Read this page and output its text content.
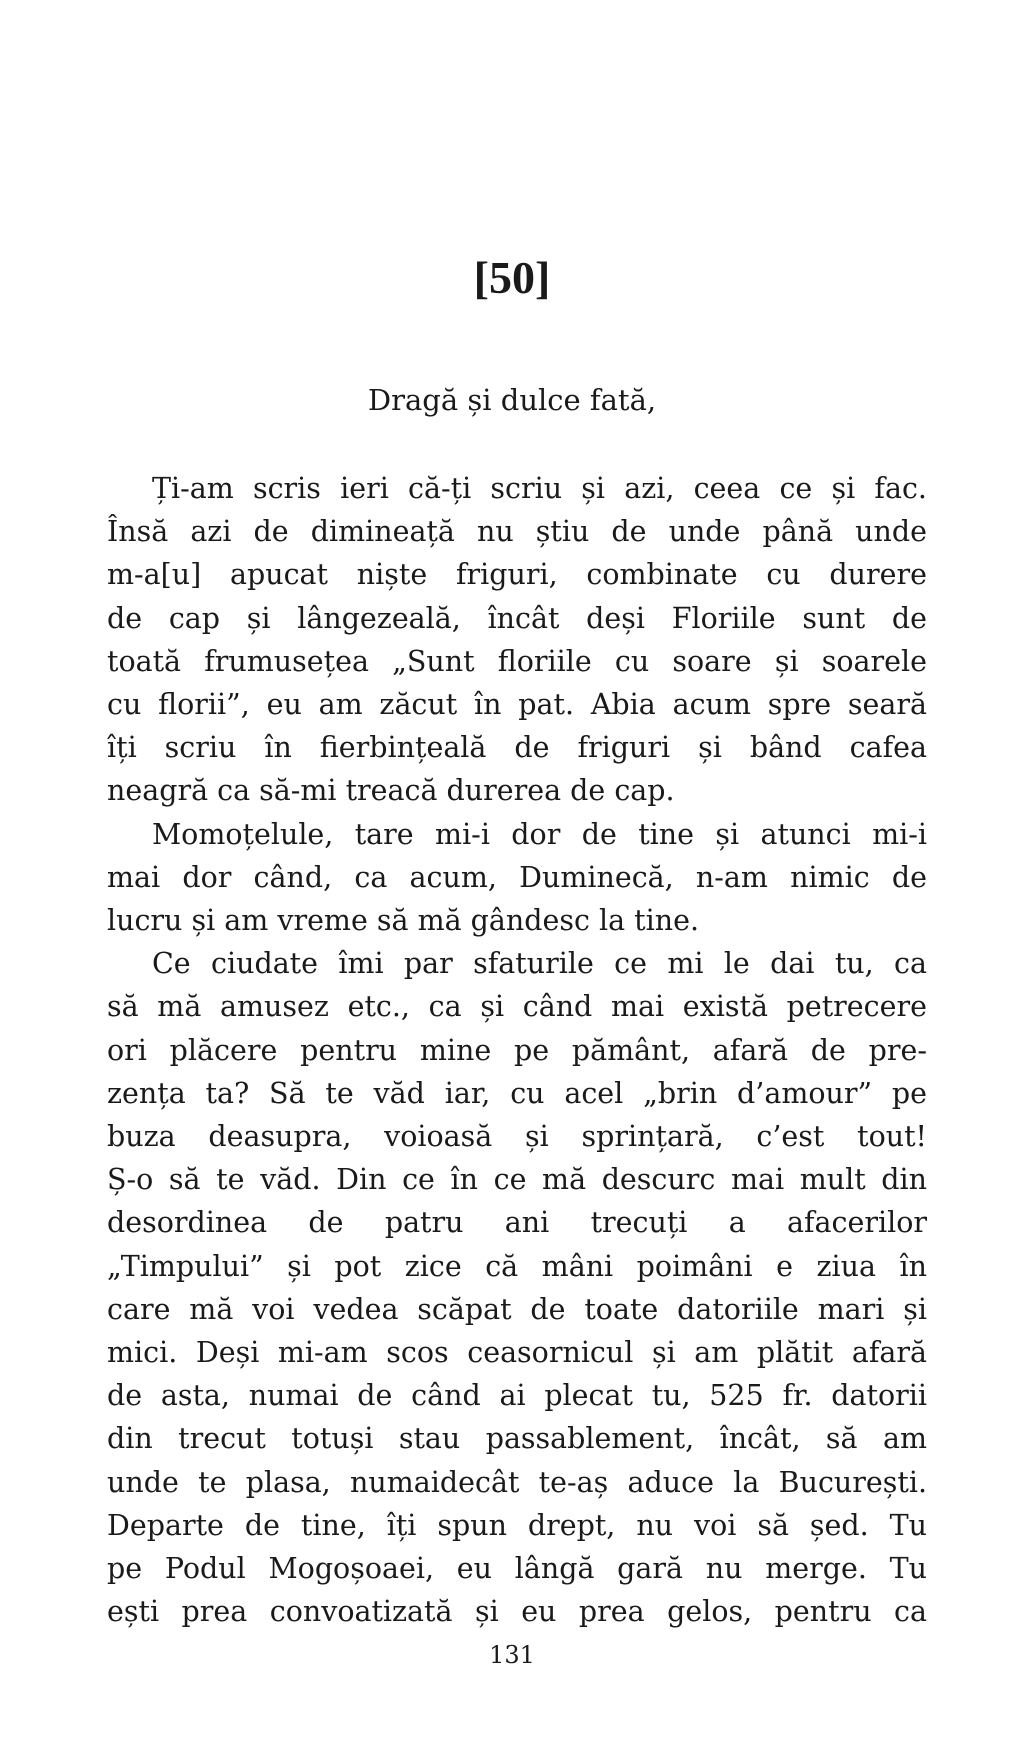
[50]

Dragă și dulce fată,

Ți-am scris ieri că-ți scriu și azi, ceea ce și fac.
Însă azi de dimineață nu știu de unde până unde
m-a[u] apucat niște friguri, combinate cu durere
de cap și lângezeală, încât deși Floriile sunt de
toată frumusețea „Sunt floriile cu soare și soarele
cu florii”, eu am zăcut în pat. Abia acum spre seară
îți scriu în fierbințeală de friguri și bând cafea
neagră ca să-mi treacă durerea de cap.
Momoțelule, tare mi-i dor de tine și atunci mi-i
mai dor când, ca acum, Duminecă, n-am nimic de
lucru și am vreme să mă gândesc la tine.
Ce ciudate îmi par sfaturile ce mi le dai tu, ca
să mă amusez etc., ca și când mai există petrecere
ori plăcere pentru mine pe pământ, afară de pre-
zența ta? Să te văd iar, cu acel „brin d’amour” pe
buza deasupra, voioasă și sprințară, c’est tout!
Ș-o să te văd. Din ce în ce mă descurc mai mult din
desordinea de patru ani trecuți a afacerilor
„Timpului” și pot zice că mâni poimâni e ziua în
care mă voi vedea scăpat de toate datoriile mari și
mici. Deși mi-am scos ceasornicul și am plătit afară
de asta, numai de când ai plecat tu, 525 fr. datorii
din trecut totuși stau passablement, încât, să am
unde te plasa, numaidecât te-aș aduce la București.
Departe de tine, îți spun drept, nu voi să șed. Tu
pe Podul Mogoșoaei, eu lângă gară nu merge. Tu
ești prea convoatizată și eu prea gelos, pentru ca

131
